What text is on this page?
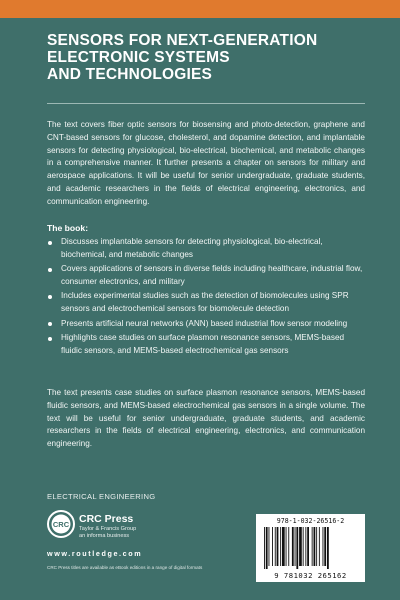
SENSORS FOR NEXT-GENERATION
ELECTRONIC SYSTEMS
AND TECHNOLOGIES
The text covers fiber optic sensors for biosensing and photo-detection, graphene and CNT-based sensors for glucose, cholesterol, and dopamine detection, and implantable sensors for detecting physiological, bio-electrical, biochemical, and metabolic changes in a comprehensive manner. It further presents a chapter on sensors for military and aerospace applications. It will be useful for senior undergraduate, graduate students, and academic researchers in the fields of electrical engineering, electronics, and communication engineering.
The book:
Discusses implantable sensors for detecting physiological, bio-electrical, biochemical, and metabolic changes
Covers applications of sensors in diverse fields including healthcare, industrial flow, consumer electronics, and military
Includes experimental studies such as the detection of biomolecules using SPR sensors and electrochemical sensors for biomolecule detection
Presents artificial neural networks (ANN) based industrial flow sensor modeling
Highlights case studies on surface plasmon resonance sensors, MEMS-based fluidic sensors, and MEMS-based electrochemical gas sensors
The text presents case studies on surface plasmon resonance sensors, MEMS-based fluidic sensors, and MEMS-based electrochemical gas sensors in a single volume. The text will be useful for senior undergraduate, graduate students, and academic researchers in the fields of electrical engineering, electronics, and communication engineering.
ELECTRICAL ENGINEERING
CRC CRC Press
Taylor & Francis Group
an informa business
www.routledge.com
CRC Press titles are available as eBook editions in a range of digital formats
978-1-032-26516-2
9 781032 265162
